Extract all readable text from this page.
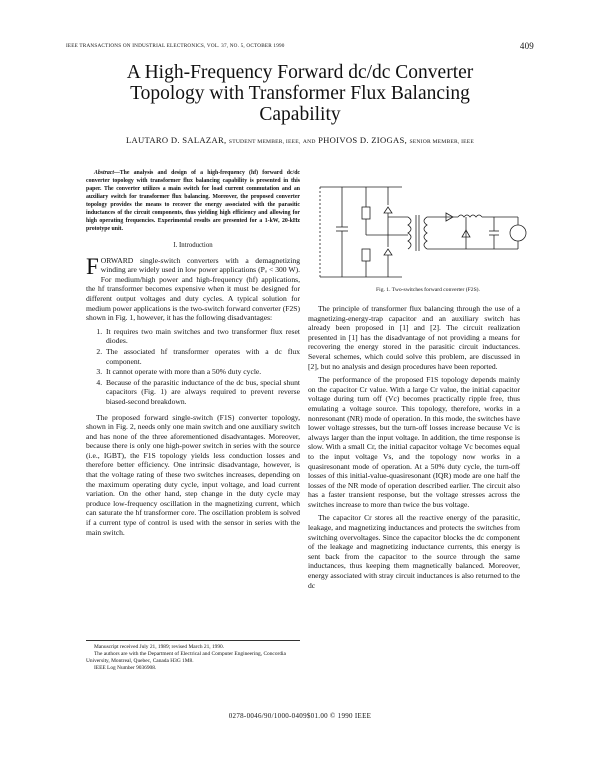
IEEE TRANSACTIONS ON INDUSTRIAL ELECTRONICS, VOL. 37, NO. 5, OCTOBER 1990	409
A High-Frequency Forward dc/dc Converter
Topology with Transformer Flux Balancing
Capability
LAUTARO D. SALAZAR, STUDENT MEMBER, IEEE, AND PHOIVOS D. ZIOGAS, SENIOR MEMBER, IEEE

Abstract—The analysis and design of a high-frequency (hf) forward dc/dc converter topology with transformer flux balancing capability is presented in this paper. The converter utilizes a main switch for load current commutation and an auxiliary switch for transformer flux balancing. Moreover, the proposed converter topology provides the means to recover the energy associated with the parasitic inductances of the circuit components, thus yielding high efficiency and allowing for high operating frequencies. Experimental results are presented for a 1-kW, 20-kHz prototype unit.

I. Introduction

FORWARD single-switch converters with a demagnetizing winding are widely used in low power applications (Pₒ < 300 W). For medium/high power and high-frequency (hf) applications, the hf transformer becomes expensive when it must be designed for different output voltages and duty cycles. A typical solution for medium power applications is the two-switch forward converter (F2S) shown in Fig. 1, however, it has the following disadvantages:

1. It requires two main switches and two transformer flux reset diodes.
2. The associated hf transformer operates with a dc flux component.
3. It cannot operate with more than a 50% duty cycle.
4. Because of the parasitic inductance of the dc bus, special shunt capacitors (Fig. 1) are always required to prevent reverse biased-second breakdown.

The proposed forward single-switch (F1S) converter topology, shown in Fig. 2, needs only one main switch and one auxiliary switch and has none of the three aforementioned disadvantages. Moreover, because there is only one high-power switch in series with the source (i.e., IGBT), the F1S topology yields less conduction losses and therefore better efficiency. One intrinsic disadvantage, however, is that the voltage rating of these two switches increases, depending on the maximum operating duty cycle, input voltage, and load current variation. On the other hand, step change in the duty cycle may produce low-frequency oscillation in the magnetizing current, which can saturate the hf transformer core. The oscillation problem is solved if a current type of control is used with the sensor in series with the main switch.

Manuscript received July 21, 1989; revised March 21, 1990.

The authors are with the Department of Electrical and Computer Engineering, Concordia University, Montreal, Quebec, Canada H3G 1M8.

IEEE Log Number 9036908.

Fig. 1. Two-switches forward converter (F2S).

The principle of transformer flux balancing through the use of a magnetizing-energy-trap capacitor and an auxiliary switch has already been proposed in [1] and [2]. The circuit realization presented in [1] has the disadvantage of not providing a means for recovering the energy stored in the parasitic circuit inductances. Several schemes, which could solve this problem, are discussed in [2], but no analysis and design procedures have been reported.

The performance of the proposed F1S topology depends mainly on the capacitor Cr value. With a large Cr value, the initial capacitor voltage during turn off (Vc) becomes practically ripple free, thus emulating a voltage source. This topology, therefore, works in a nonresonant (NR) mode of operation. In this mode, the switches have lower voltage stresses, but the turn-off losses increase because Vc is always larger than the input voltage. In addition, the time response is slow. With a small Cr, the initial capacitor voltage Vc becomes equal to the input voltage Vs, and the topology now works in a quasiresonant mode of operation. At a 50% duty cycle, the turn-off losses of this initial-value-quasiresonant (IQR) mode are one half the losses of the NR mode of operation described earlier. The circuit also has a faster transient response, but the voltage stresses across the switches increase to more than twice the bus voltage.

The capacitor Cr stores all the reactive energy of the parasitic, leakage, and magnetizing inductances and protects the switches from switching overvoltages. Since the capacitor blocks the dc component of the leakage and magnetizing inductance currents, this energy is sent back from the capacitor to the source through the same inductances, thus keeping them magnetically balanced. Moreover, energy associated with stray circuit inductances is also returned to the dc

0278-0046/90/1000-0409$01.00 © 1990 IEEE
